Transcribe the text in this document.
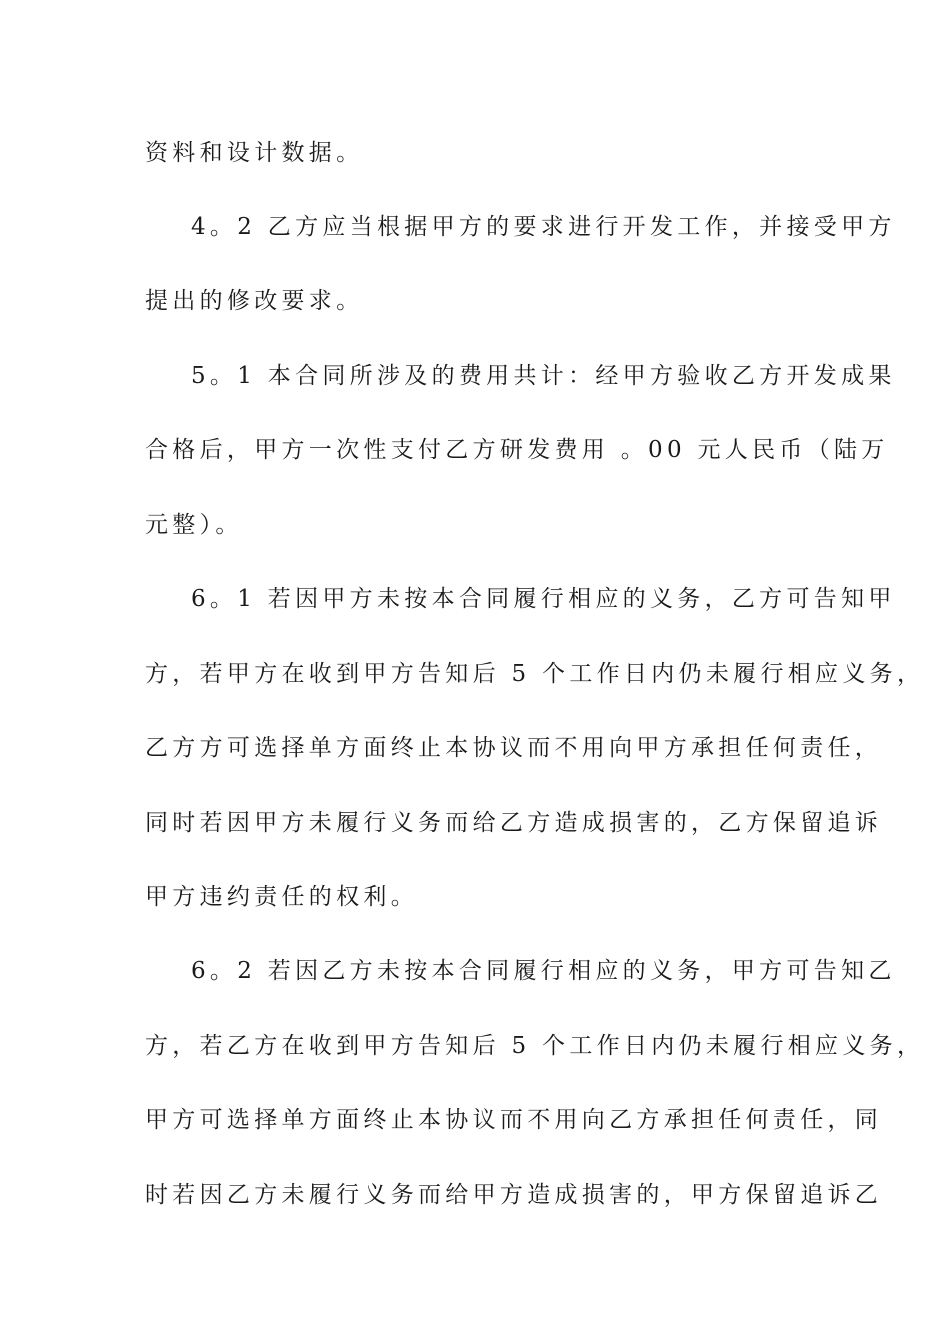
资料和设计数据。
4。2 乙方应当根据甲方的要求进行开发工作，并接受甲方
提出的修改要求。
5。1 本合同所涉及的费用共计：经甲方验收乙方开发成果
合格后，甲方一次性支付乙方研发费用 。00 元人民币（陆万
元整）。
6。1 若因甲方未按本合同履行相应的义务，乙方可告知甲
方，若甲方在收到甲方告知后 5 个工作日内仍未履行相应义务，
乙方方可选择单方面终止本协议而不用向甲方承担任何责任，
同时若因甲方未履行义务而给乙方造成损害的，乙方保留追诉
甲方违约责任的权利。
6。2 若因乙方未按本合同履行相应的义务，甲方可告知乙
方，若乙方在收到甲方告知后 5 个工作日内仍未履行相应义务，
甲方可选择单方面终止本协议而不用向乙方承担任何责任，同
时若因乙方未履行义务而给甲方造成损害的，甲方保留追诉乙
